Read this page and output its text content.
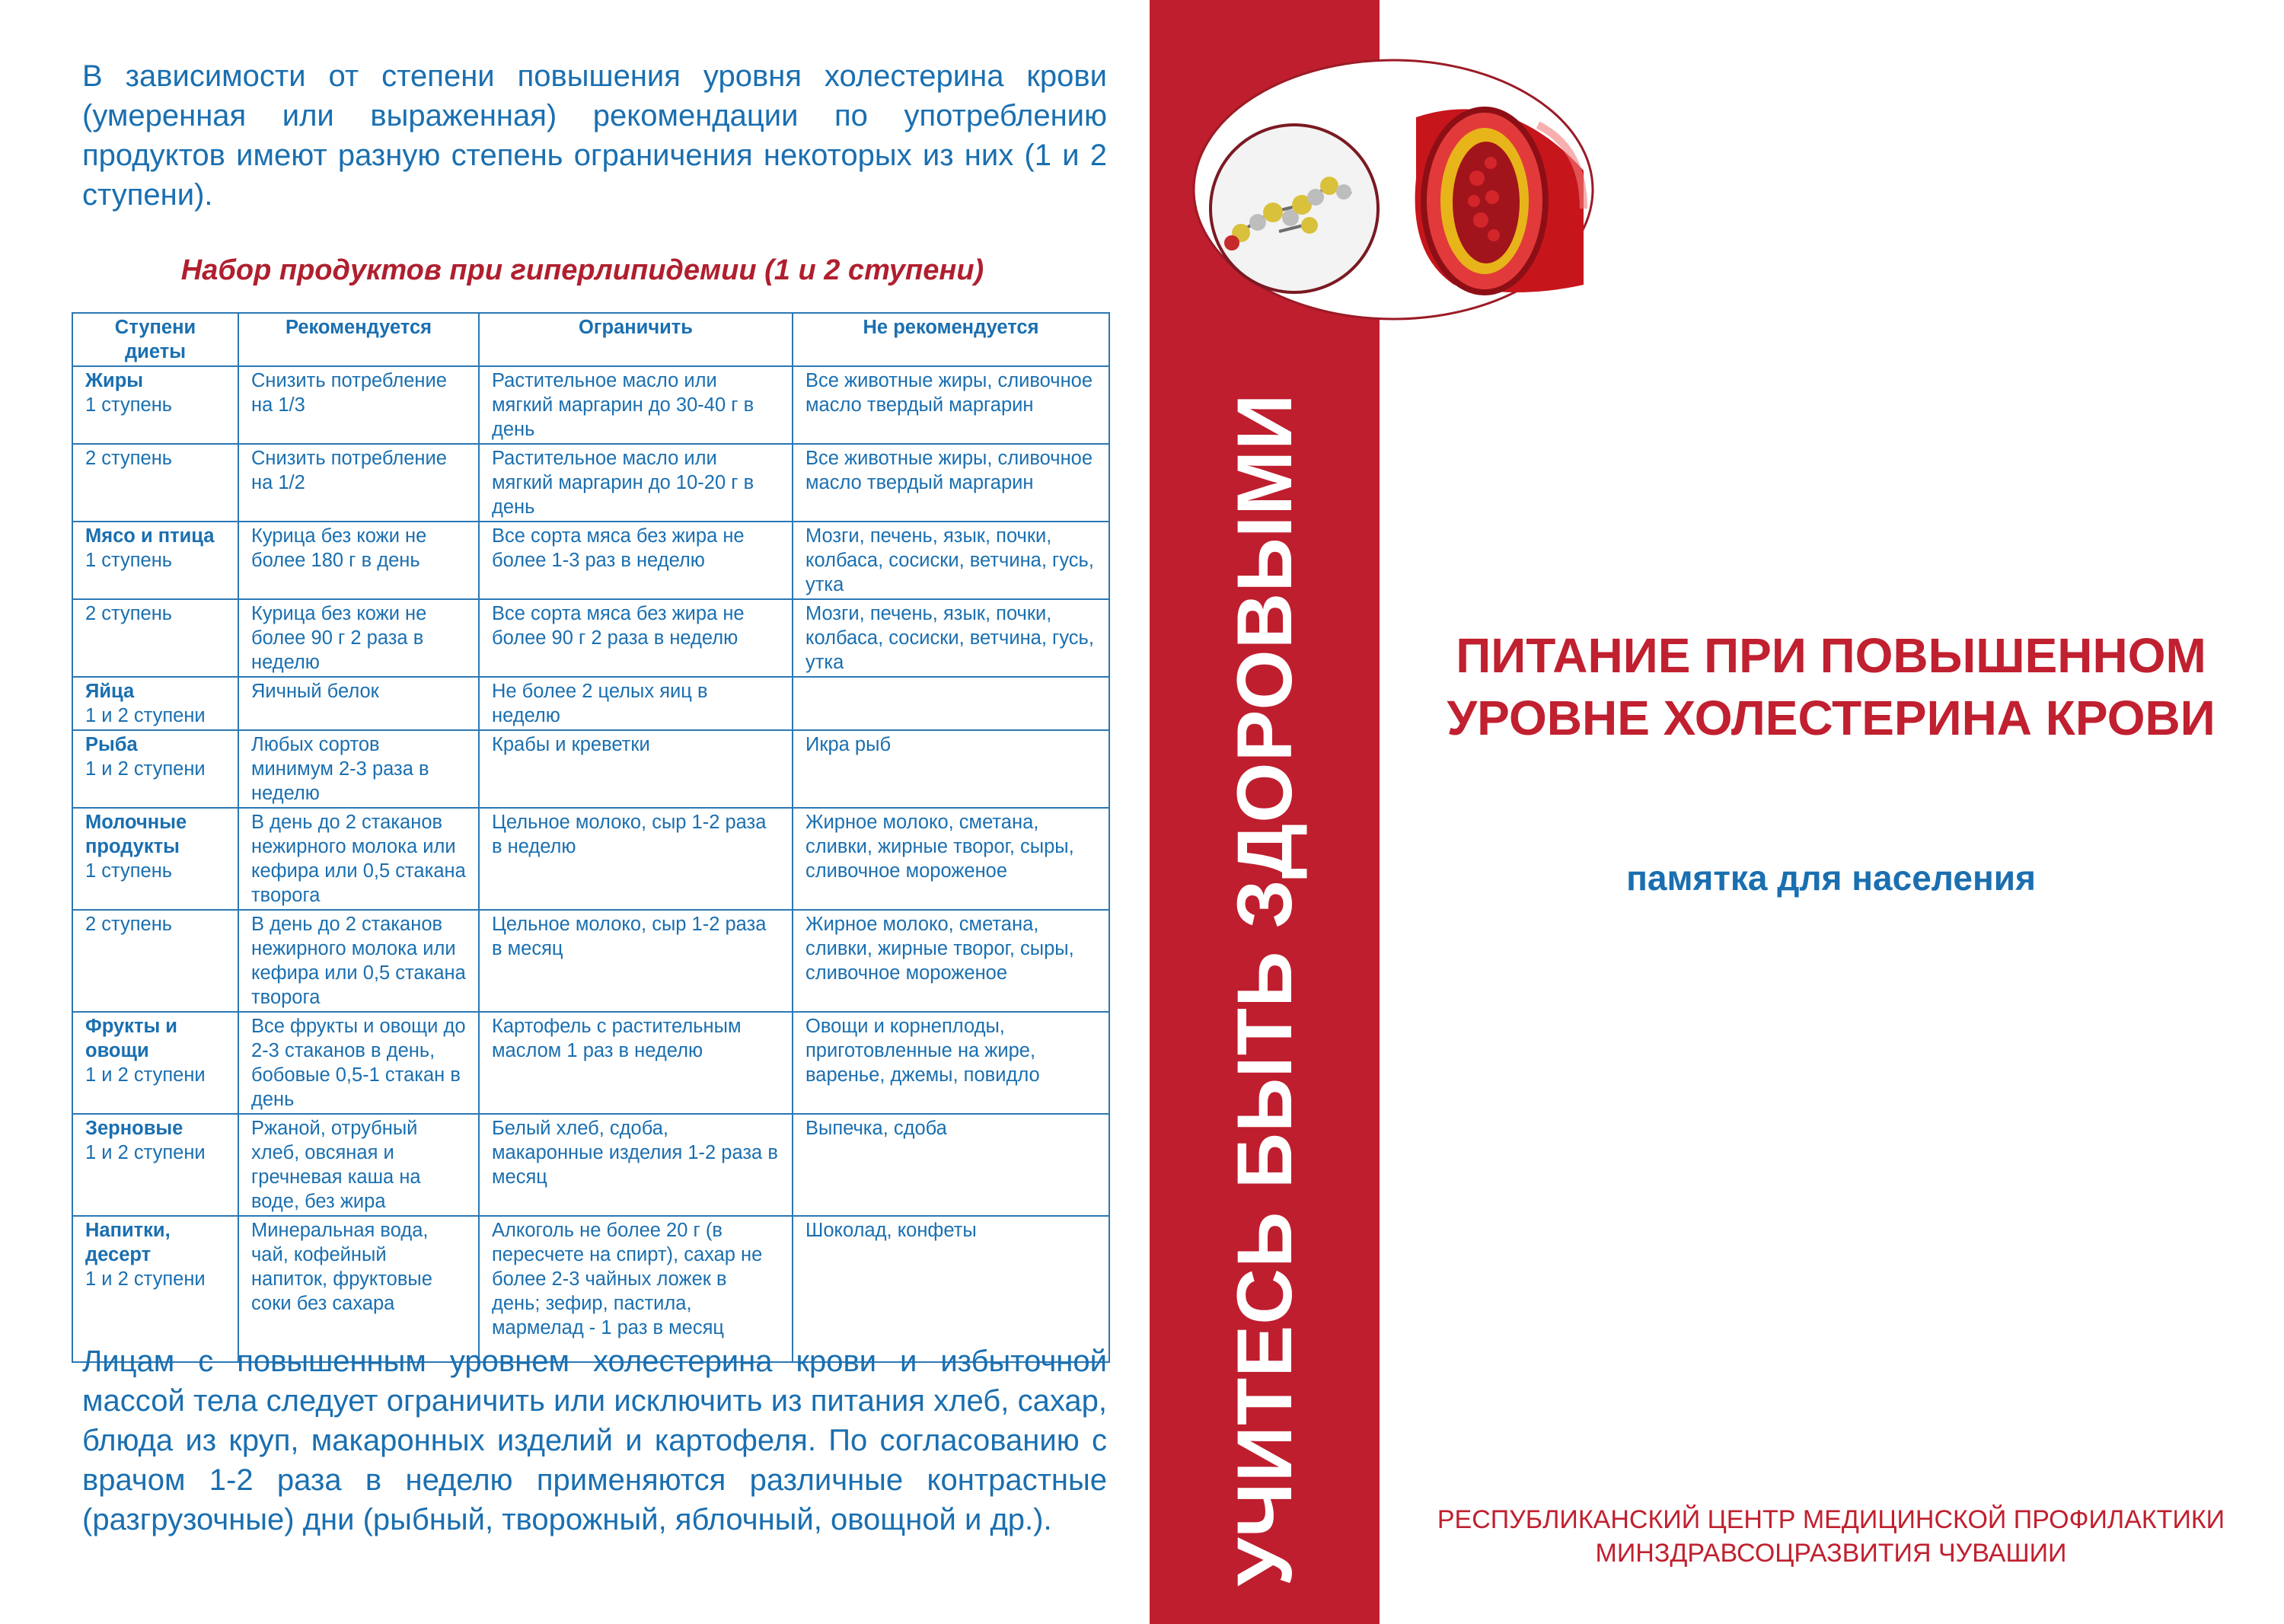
В зависимости от степени повышения уровня холестерина крови (умеренная или выраженная) рекомендации по употреблению продуктов имеют разную степень ограничения некоторых из них (1 и 2 ступени).

Набор продуктов при гиперлипидемии (1 и 2 ступени)

Ступени диеты	Рекомендуется	Ограничить	Не рекомендуется

Жиры
1 ступень	Снизить потребление на 1/3	Растительное масло или мягкий маргарин до 30-40 г в день	Все животные жиры, сливочное масло твердый маргарин

2 ступень	Снизить потребление на 1/2	Растительное масло или мягкий маргарин до 10-20 г в день	Все животные жиры, сливочное масло твердый маргарин

Мясо и птица
1 ступень	Курица без кожи не более 180 г в день	Все сорта мяса без жира не более 1-3 раз в неделю	Мозги, печень, язык, почки, колбаса, сосиски, ветчина, гусь, утка

2 ступень	Курица без кожи не более 90 г 2 раза в неделю	Все сорта мяса без жира не более 90 г 2 раза в неделю	Мозги, печень, язык, почки, колбаса, сосиски, ветчина, гусь, утка

Яйца
1 и 2 ступени	Яичный белок	Не более 2 целых яиц в неделю	

Рыба
1 и 2 ступени	Любых сортов минимум 2-3 раза в неделю	Крабы и креветки	Икра рыб

Молочные продукты
1 ступень	В день до 2 стаканов нежирного молока или кефира или 0,5 стакана творога	Цельное молоко, сыр 1-2 раза в неделю	Жирное молоко, сметана, сливки, жирные творог, сыры, сливочное мороженое

2 ступень	В день до 2 стаканов нежирного молока или кефира или 0,5 стакана творога	Цельное молоко, сыр 1-2 раза в месяц	Жирное молоко, сметана, сливки, жирные творог, сыры, сливочное мороженое

Фрукты и овощи
1 и 2 ступени	Все фрукты и овощи до 2-3 стаканов в день, бобовые 0,5-1 стакан в день	Картофель с растительным маслом 1 раз в неделю	Овощи и корнеплоды, приготовленные на жире, варенье, джемы, повидло

Зерновые
1 и 2 ступени	Ржаной, отрубный хлеб, овсяная и гречневая каша на воде, без жира	Белый хлеб, сдоба, макаронные изделия 1-2 раза в месяц	Выпечка, сдоба

Напитки, десерт
1 и 2 ступени	Минеральная вода, чай, кофейный напиток, фруктовые соки без сахара	Алкоголь не более 20 г (в пересчете на спирт), сахар не более 2-3 чайных ложек в день; зефир, пастила, мармелад - 1 раз в месяц	Шоколад, конфеты

Лицам с повышенным уровнем холестерина крови и избыточной массой тела следует ограничить или исключить из питания хлеб, сахар, блюда из круп, макаронных изделий и картофеля. По согласованию с врачом 1-2 раза в неделю применяются различные контрастные (разгрузочные) дни (рыбный, творожный, яблочный, овощной и др.).	УЧИТЕСЬ БЫТЬ ЗДОРОВЫМИ	ПИТАНИЕ ПРИ ПОВЫШЕННОМ УРОВНЕ ХОЛЕСТЕРИНА КРОВИ

памятка для населения

РЕСПУБЛИКАНСКИЙ ЦЕНТР МЕДИЦИНСКОЙ ПРОФИЛАКТИКИ МИНЗДРАВСОЦРАЗВИТИЯ ЧУВАШИИ
